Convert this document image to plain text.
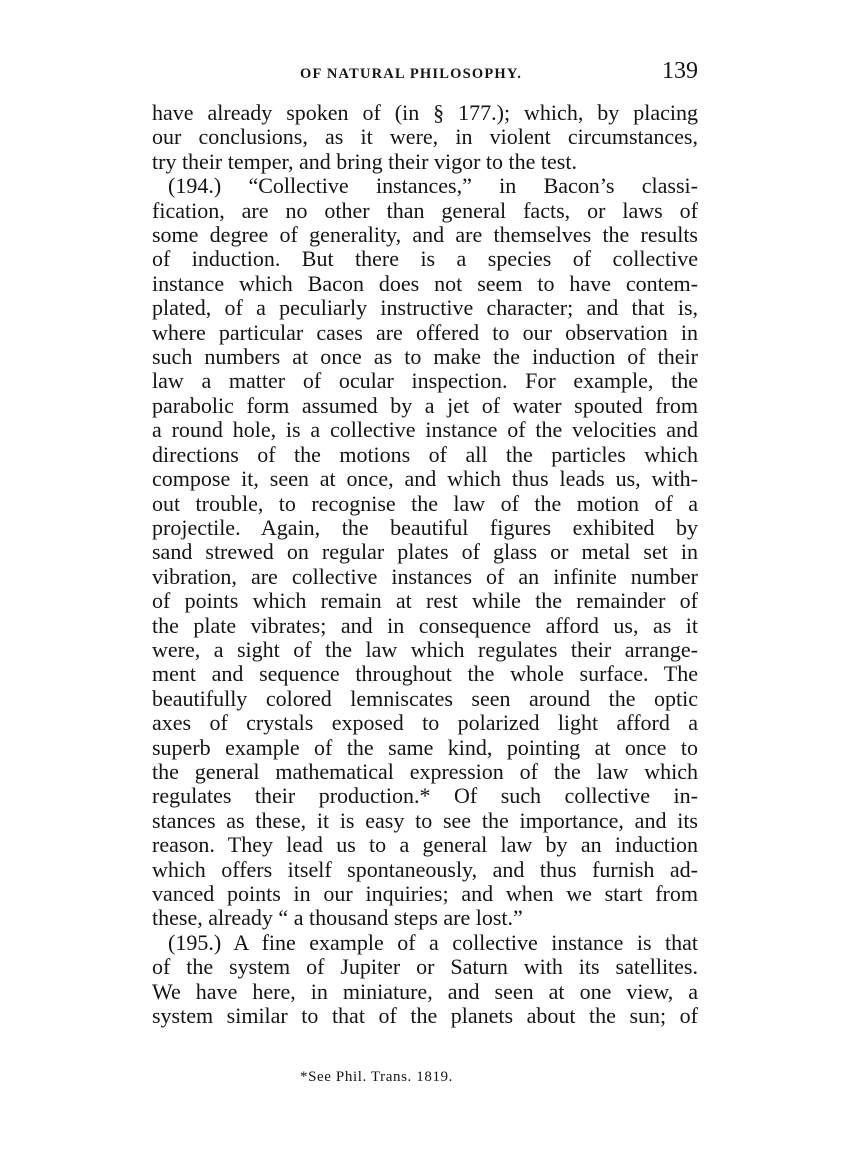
OF NATURAL PHILOSOPHY.	139
have already spoken of (in § 177.); which, by placing
our conclusions, as it were, in violent circumstances,
try their temper, and bring their vigor to the test.
(194.) “Collective instances,” in Bacon’s classi-
fication, are no other than general facts, or laws of
some degree of generality, and are themselves the results
of induction. But there is a species of collective
instance which Bacon does not seem to have contem-
plated, of a peculiarly instructive character; and that is,
where particular cases are offered to our observation in
such numbers at once as to make the induction of their
law a matter of ocular inspection. For example, the
parabolic form assumed by a jet of water spouted from
a round hole, is a collective instance of the velocities and
directions of the motions of all the particles which
compose it, seen at once, and which thus leads us, with-
out trouble, to recognise the law of the motion of a
projectile. Again, the beautiful figures exhibited by
sand strewed on regular plates of glass or metal set in
vibration, are collective instances of an infinite number
of points which remain at rest while the remainder of
the plate vibrates; and in consequence afford us, as it
were, a sight of the law which regulates their arrange-
ment and sequence throughout the whole surface. The
beautifully colored lemniscates seen around the optic
axes of crystals exposed to polarized light afford a
superb example of the same kind, pointing at once to
the general mathematical expression of the law which
regulates their production.* Of such collective in-
stances as these, it is easy to see the importance, and its
reason. They lead us to a general law by an induction
which offers itself spontaneously, and thus furnish ad-
vanced points in our inquiries; and when we start from
these, already “ a thousand steps are lost.”
(195.) A fine example of a collective instance is that
of the system of Jupiter or Saturn with its satellites.
We have here, in miniature, and seen at one view, a
system similar to that of the planets about the sun; of
*See Phil. Trans. 1819.
